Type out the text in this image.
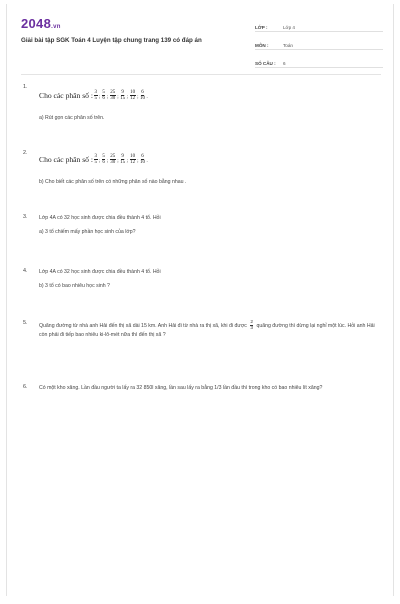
2048.vn
Giải bài tập SGK Toán 4 Luyện tập chung trang 139 có đáp án
LỚP :	Lớp 4
MÔN :	Toán
SỐ CÂU :	6
1.
Cho các phân số : $\frac{3}{5}$ ; $\frac{5}{6}$ ; $\frac{25}{30}$ ; $\frac{9}{15}$ ; $\frac{10}{12}$ ; $\frac{6}{10}$ .
a) Rút gọn các phân số trên.
2.
Cho các phân số : $\frac{3}{5}$ ; $\frac{5}{6}$ ; $\frac{25}{30}$ ; $\frac{9}{15}$ ; $\frac{10}{12}$ ; $\frac{6}{10}$ .
b) Cho biết các phân số trên có những phân số nào bằng nhau .
3. Lớp 4A có 32 học sinh được chia đều thành 4 tổ. Hỏi
a) 3 tổ chiếm mấy phần học sinh của lớp?
4. Lớp 4A có 32 học sinh được chia đều thành 4 tổ. Hỏi
b) 3 tổ có bao nhiêu học sinh ?
5.
Quãng đường từ nhà anh Hải đến thị xã dài 15 km. Anh Hải đi từ nhà ra thị xã, khi đi được $\frac{2}{3}$ quãng đường thì dừng lại nghỉ một lúc. Hỏi anh Hải còn phải đi tiếp bao nhiêu ki-lô-mét nữa thì đến thị xã ?
6. Có một kho xăng. Lần đầu người ta lấy ra 32 850l xăng, lần sau lấy ra bằng 1/3 lần đầu thì trong kho có bao nhiêu lít xăng?
